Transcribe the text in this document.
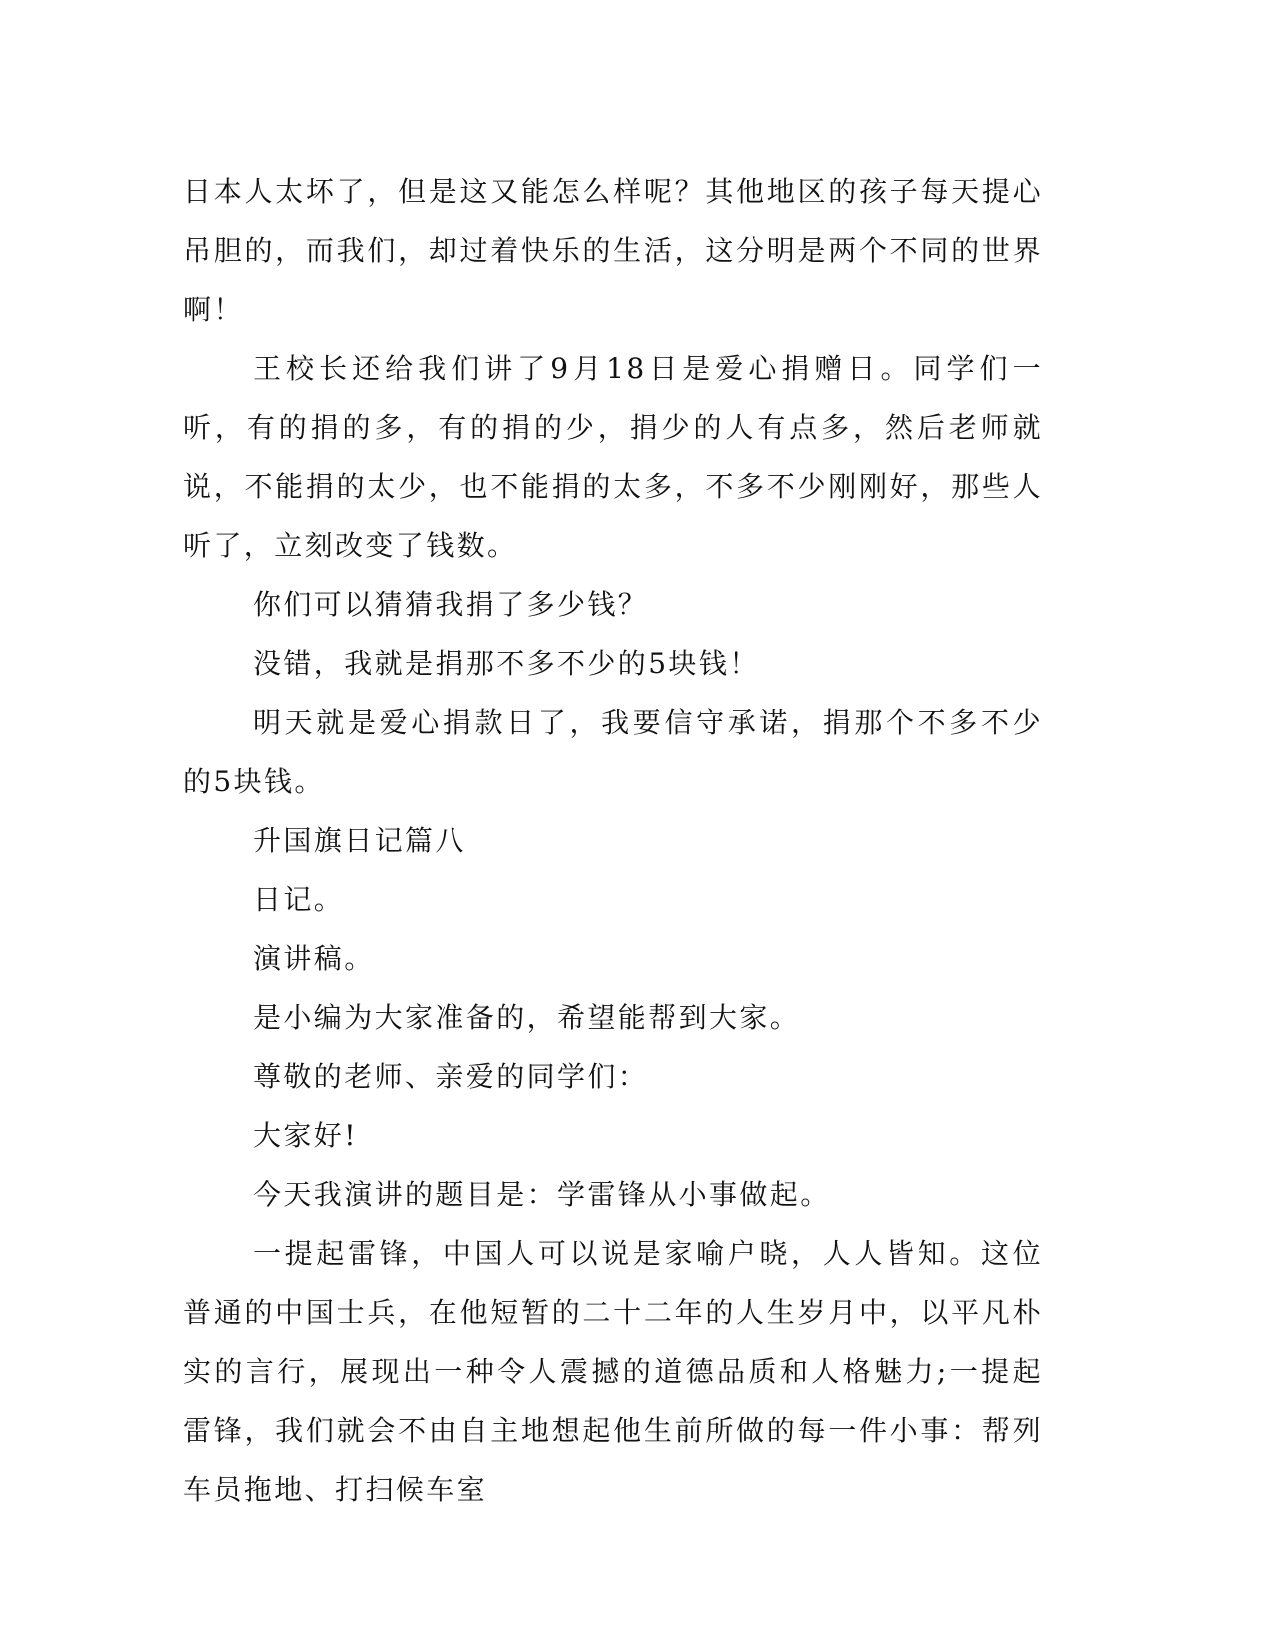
日本人太坏了，但是这又能怎么样呢？其他地区的孩子每天提心吊胆的，而我们，却过着快乐的生活，这分明是两个不同的世界啊！

王校长还给我们讲了9月18日是爱心捐赠日。同学们一听，有的捐的多，有的捐的少，捐少的人有点多，然后老师就说，不能捐的太少，也不能捐的太多，不多不少刚刚好，那些人听了，立刻改变了钱数。

你们可以猜猜我捐了多少钱？

没错，我就是捐那不多不少的5块钱！

明天就是爱心捐款日了，我要信守承诺，捐那个不多不少的5块钱。

升国旗日记篇八

日记。

演讲稿。

是小编为大家准备的，希望能帮到大家。

尊敬的老师、亲爱的同学们：

大家好!

今天我演讲的题目是：学雷锋从小事做起。

一提起雷锋，中国人可以说是家喻户晓，人人皆知。这位普通的中国士兵，在他短暂的二十二年的人生岁月中，以平凡朴实的言行，展现出一种令人震撼的道德品质和人格魅力;一提起雷锋，我们就会不由自主地想起他生前所做的每一件小事：帮列车员拖地、打扫候车室
